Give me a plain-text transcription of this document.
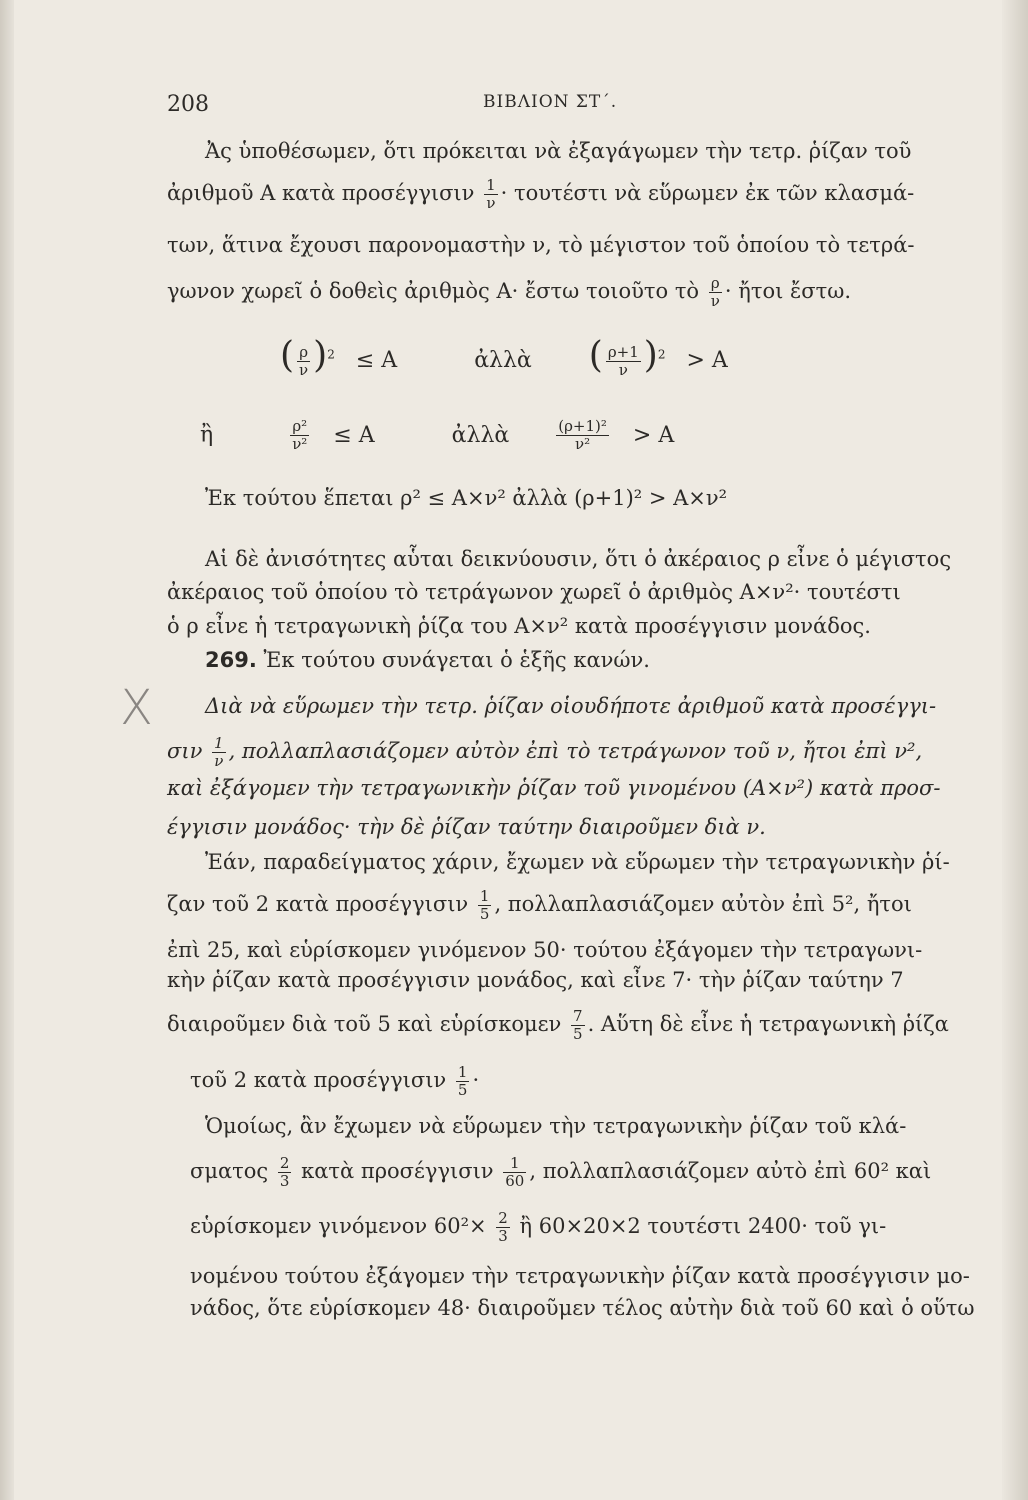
208	ΒΙΒΛΙΟΝ ΣΤ΄.
Ἀς ὑποθέσωμεν, ὅτι πρόκειται νὰ ἐξαγάγωμεν τὴν τετρ. ῥίζαν τοῦ
ἀριθμοῦ Α κατὰ προσέγγισιν $\frac{1}{\nu} \cdot \tau o\upsilon\tau έ\sigma\tau\iota$ νὰ εὕρωμεν ἐκ τῶν κλασμά-
των, ἅτινα ἔχουσι παρονομαστὴν ν, τὸ μέγιστον τοῦ ὁποίου τὸ τετρά-
γωνον χωρεῖ ὁ δοθεὶς ἀριθμὸς Α· ἔστω τοιοῦτο τὸ $\frac{\rho}{\nu}$ · ἤτοι ἔστω.
( $\frac{\rho}{\nu} )^2 \le A$	ἀλλὰ ( $\frac{\rho+1}{\nu} )^2 > A$
ἢ	$\frac{\text{ρ²}}{\text{ν²}} \le A$	ἀλλὰ	$\frac{\text{(ρ+1)²}}{\text{ν²}} > A$
Ἐκ τούτου ἕπεται ρ² ≤ Α×ν² ἀλλὰ (ρ+1)² > Α×ν²
Αἱ δὲ ἀνισότητες αὗται δεικνύουσιν, ὅτι ὁ ἀκέραιος ρ εἶνε ὁ μέγιστος
ἀκέραιος τοῦ ὁποίου τὸ τετράγωνον χωρεῖ ὁ ἀριθμὸς Α×ν²· τουτέστι
ὁ ρ εἶνε ἡ τετραγωνικὴ ῥίζα του Α×ν² κατὰ προσέγγισιν μονάδος.
269. Ἐκ τούτου συνάγεται ὁ ἑξῆς κανών.
X Διὰ νὰ εὕρωμεν τὴν τετρ. ῥίζαν οἱουδήποτε ἀριθμοῦ κατὰ προσέγγι-
σιν $\frac{1}{\nu}$ , πολλαπλασιάζομεν αὐτὸν ἐπὶ τὸ τετράγωνον τοῦ ν, ἤτοι ἐπὶ ν²,
καὶ ἐξάγομεν τὴν τετραγωνικὴν ῥίζαν τοῦ γινομένου (Α×ν²) κατὰ προσ-
έγγισιν μονάδος· τὴν δὲ ῥίζαν ταύτην διαιροῦμεν διὰ ν.
Ἐάν, παραδείγματος χάριν, ἔχωμεν νὰ εὕρωμεν τὴν τετραγωνικὴν ῥί-
ζαν τοῦ 2 κατὰ προσέγγισιν $\frac{1}{5}$ , πολλαπλασιάζομεν αὐτὸν ἐπὶ 5², ἤτοι
ἐπὶ 25, καὶ εὑρίσκομεν γινόμενον 50· τούτου ἐξάγομεν τὴν τετραγωνι-
κὴν ῥίζαν κατὰ προσέγγισιν μονάδος, καὶ εἶνε 7· τὴν ῥίζαν ταύτην 7
διαιροῦμεν διὰ τοῦ 5 καὶ εὑρίσκομεν $\frac{7}{5}$ . Αὕτη δὲ εἶνε ἡ τετραγωνικὴ ῥίζα
τοῦ 2 κατὰ προσέγγισιν $\frac{1}{5}$ ·
Ὁμοίως, ἂν ἔχωμεν νὰ εὕρωμεν τὴν τετραγωνικὴν ῥίζαν τοῦ κλά-
σματος $\frac{2}{3}$ κατὰ προσέγγισιν $\frac{1}{60}$ , πολλαπλασιάζομεν αὐτὸ ἐπὶ 60² καὶ
εὑρίσκομεν γινόμενον $60^2\times \frac{2}{3}$ ἢ 60×20×2 τουτέστι 2400· τοῦ γι-
νομένου τούτου ἐξάγομεν τὴν τετραγωνικὴν ῥίζαν κατὰ προσέγγισιν μο-
νάδος, ὅτε εὑρίσκομεν 48· διαιροῦμεν τέλος αὐτὴν διὰ τοῦ 60 καὶ ὁ οὕτω
